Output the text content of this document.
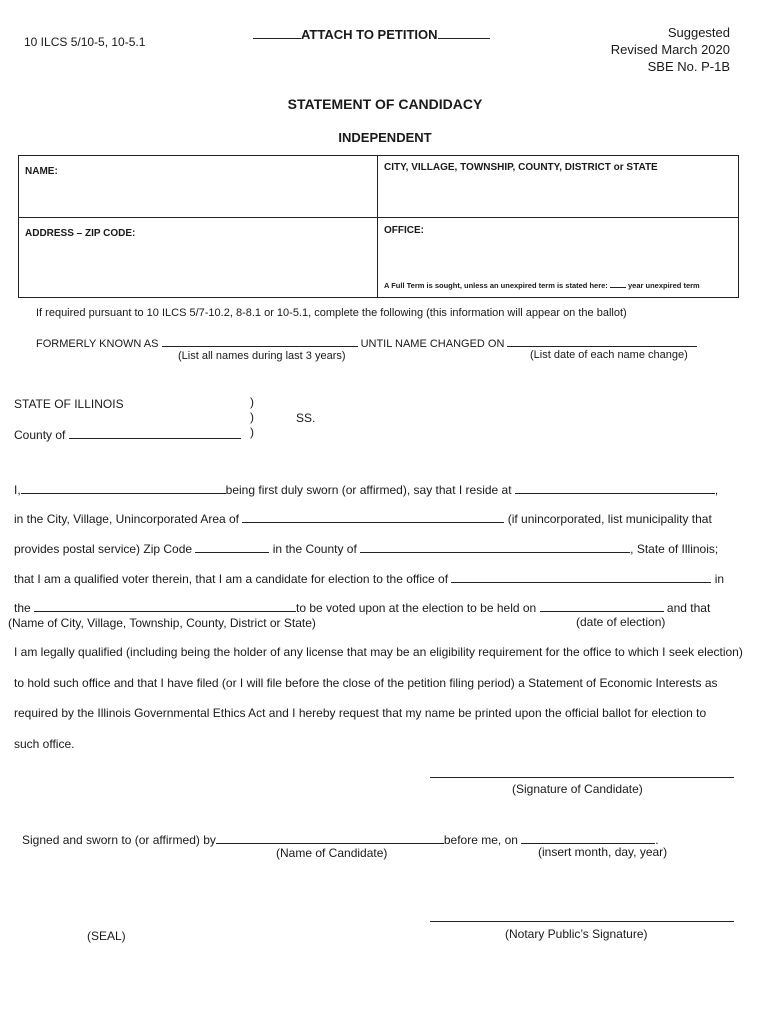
10 ILCS 5/10-5, 10-5.1	ATTACH TO PETITION	Suggested
Revised March 2020
SBE No. P-1B
STATEMENT OF CANDIDACY
INDEPENDENT
NAME:	CITY, VILLAGE, TOWNSHIP, COUNTY, DISTRICT or STATE

ADDRESS – ZIP CODE:	OFFICE:
A Full Term is sought, unless an unexpired term is stated here: year unexpired term
If required pursuant to 10 ILCS 5/7-10.2, 8-8.1 or 10-5.1, complete the following (this information will appear on the ballot)
FORMERLY KNOWN AS	UNTIL NAME CHANGED ON
(List all names during last 3 years)	(List date of each name change)
STATE OF ILLINOIS
County of
)
)
)
SS.
I,	being first duly sworn (or affirmed), say that I reside at	,
in the City, Village, Unincorporated Area of	(if unincorporated, list municipality that
provides postal service) Zip Code	in the County of	, State of Illinois;
that I am a qualified voter therein, that I am a candidate for election to the office of	in
the	to be voted upon at the election to be held on	and that
(Name of City, Village, Township, County, District or State)	(date of election)
I am legally qualified (including being the holder of any license that may be an eligibility requirement for the office to which I seek election)
to hold such office and that I have filed (or I will file before the close of the petition filing period) a Statement of Economic Interests as
required by the Illinois Governmental Ethics Act and I hereby request that my name be printed upon the official ballot for election to
such office.
(Signature of Candidate)
Signed and sworn to (or affirmed) by	before me, on	.
(Name of Candidate)	(insert month, day, year)
(SEAL)	(Notary Public’s Signature)
